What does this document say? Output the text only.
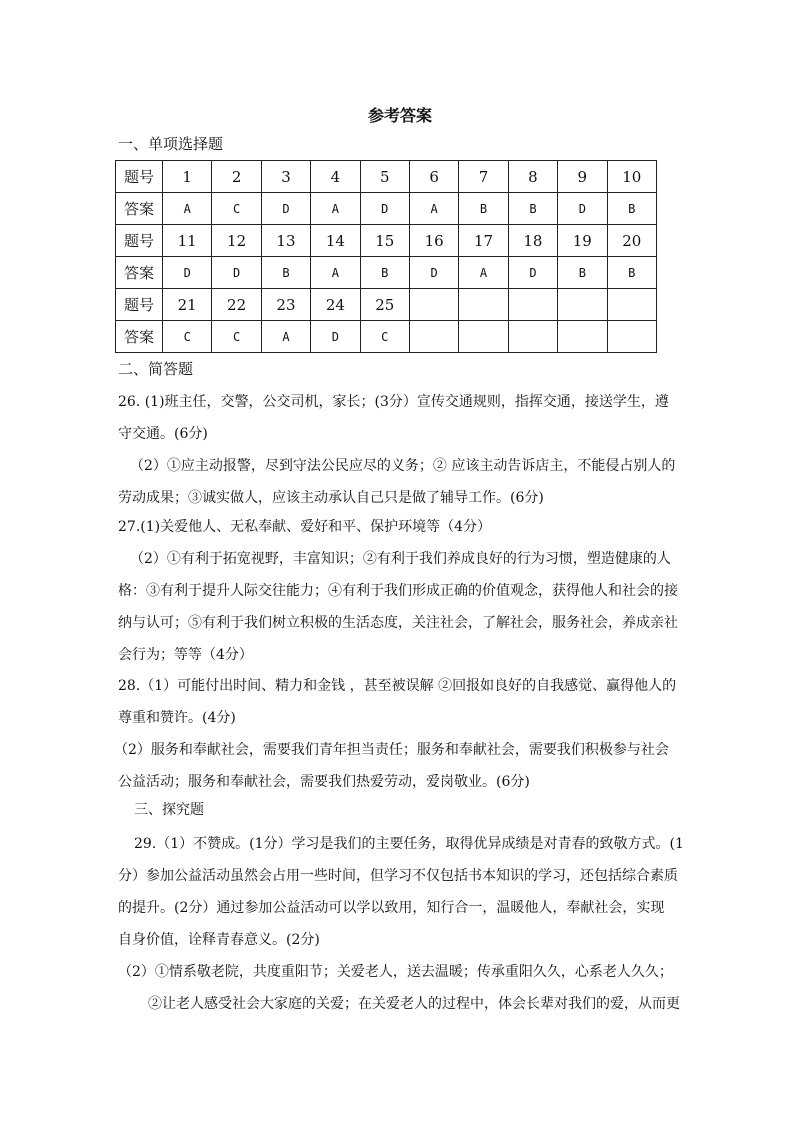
参考答案
一、单项选择题
题号	1	2	3	4	5	6	7	8	9	10
答案	A	C	D	A	D	A	B	B	D	B
题号	11	12	13	14	15	16	17	18	19	20
答案	D	D	B	A	B	D	A	D	B	B
题号	21	22	23	24	25					
答案	C	C	A	D	C					
二、简答题

26. (1)班主任，交警，公交司机，家长；(3分）宣传交通规则，指挥交通，接送学生，遵

守交通。(6分)

（2）①应主动报警，尽到守法公民应尽的义务；② 应该主动告诉店主，不能侵占别人的

劳动成果；③诚实做人，应该主动承认自己只是做了辅导工作。(6分)

27.(1)关爱他人、无私奉献、爱好和平、保护环境等（4分）

（2）①有利于拓宽视野，丰富知识；②有利于我们养成良好的行为习惯，塑造健康的人

格：③有利于提升人际交往能力；④有利于我们形成正确的价值观念，获得他人和社会的接

纳与认可；⑤有利于我们树立积极的生活态度，关注社会，了解社会，服务社会，养成亲社

会行为；等等（4分）

28.（1）可能付出时间、精力和金钱 ，甚至被误解 ②回报如良好的自我感觉、赢得他人的

尊重和赞许。(4分)

（2）服务和奉献社会，需要我们青年担当责任；服务和奉献社会，需要我们积极参与社会

公益活动；服务和奉献社会，需要我们热爱劳动，爱岗敬业。(6分)

三、探究题

29.（1）不赞成。(1分）学习是我们的主要任务，取得优异成绩是对青春的致敬方式。(1

分）参加公益活动虽然会占用一些时间，但学习不仅包括书本知识的学习，还包括综合素质

的提升。(2分）通过参加公益活动可以学以致用，知行合一，温暖他人，奉献社会，实现

自身价值，诠释青春意义。(2分)

（2）①情系敬老院，共度重阳节；关爱老人，送去温暖；传承重阳久久，心系老人久久；

②让老人感受社会大家庭的关爱；在关爱老人的过程中，体会长辈对我们的爱，从而更
